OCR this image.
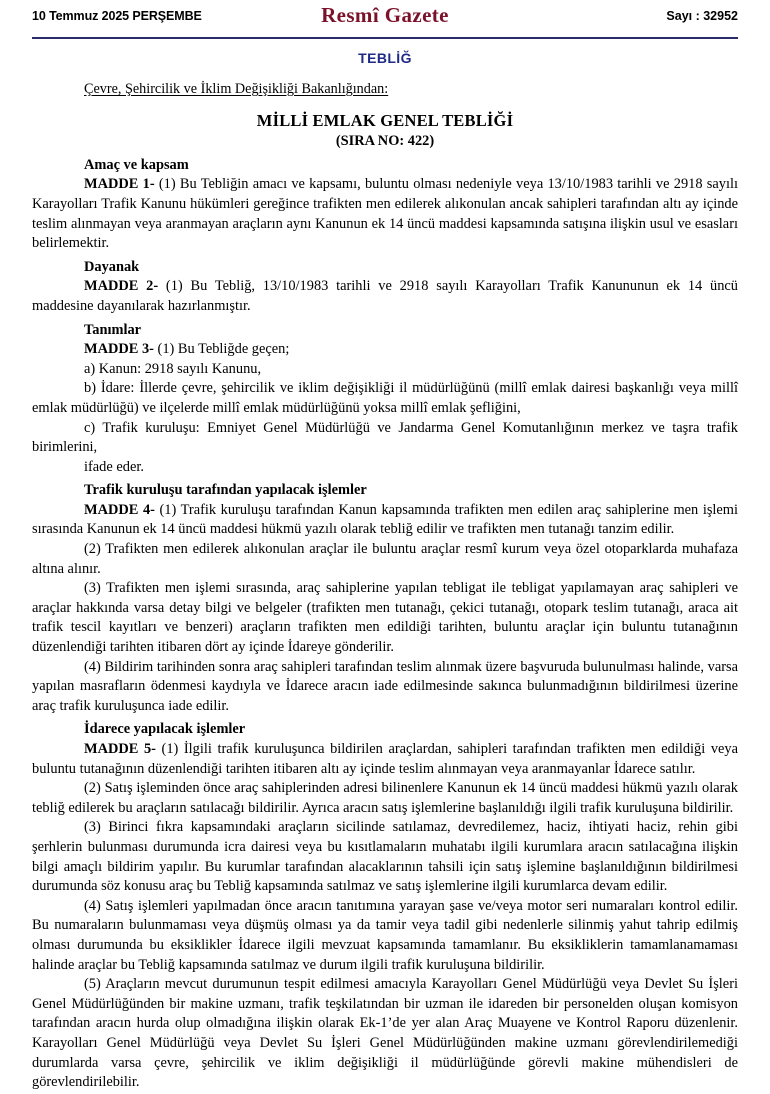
10 Temmuz 2025 PERŞEMBE	Resmî Gazete	Sayı : 32952
TEBLİĞ
Çevre, Şehircilik ve İklim Değişikliği Bakanlığından:
MİLLİ EMLAK GENEL TEBLİĞİ
(SIRA NO: 422)
Amaç ve kapsam

MADDE 1- (1) Bu Tebliğin amacı ve kapsamı, buluntu olması nedeniyle veya 13/10/1983 tarihli ve 2918 sayılı Karayolları Trafik Kanunu hükümleri gereğince trafikten men edilerek alıkonulan ancak sahipleri tarafından altı ay içinde teslim alınmayan veya aranmayan araçların aynı Kanunun ek 14 üncü maddesi kapsamında satışına ilişkin usul ve esasları belirlemektir.

Dayanak

MADDE 2- (1) Bu Tebliğ, 13/10/1983 tarihli ve 2918 sayılı Karayolları Trafik Kanununun ek 14 üncü maddesine dayanılarak hazırlanmıştır.

Tanımlar

MADDE 3- (1) Bu Tebliğde geçen;

a) Kanun: 2918 sayılı Kanunu,

b) İdare: İllerde çevre, şehircilik ve iklim değişikliği il müdürlüğünü (millî emlak dairesi başkanlığı veya millî emlak müdürlüğü) ve ilçelerde millî emlak müdürlüğünü yoksa millî emlak şefliğini,

c) Trafik kuruluşu: Emniyet Genel Müdürlüğü ve Jandarma Genel Komutanlığının merkez ve taşra trafik birimlerini,

ifade eder.

Trafik kuruluşu tarafından yapılacak işlemler

MADDE 4- (1) Trafik kuruluşu tarafından Kanun kapsamında trafikten men edilen araç sahiplerine men işlemi sırasında Kanunun ek 14 üncü maddesi hükmü yazılı olarak tebliğ edilir ve trafikten men tutanağı tanzim edilir.

(2) Trafikten men edilerek alıkonulan araçlar ile buluntu araçlar resmî kurum veya özel otoparklarda muhafaza altına alınır.

(3) Trafikten men işlemi sırasında, araç sahiplerine yapılan tebligat ile tebligat yapılamayan araç sahipleri ve araçlar hakkında varsa detay bilgi ve belgeler (trafikten men tutanağı, çekici tutanağı, otopark teslim tutanağı, araca ait trafik tescil kayıtları ve benzeri) araçların trafikten men edildiği tarihten, buluntu araçlar için buluntu tutanağının düzenlendiği tarihten itibaren dört ay içinde İdareye gönderilir.

(4) Bildirim tarihinden sonra araç sahipleri tarafından teslim alınmak üzere başvuruda bulunulması halinde, varsa yapılan masrafların ödenmesi kaydıyla ve İdarece aracın iade edilmesinde sakınca bulunmadığının bildirilmesi üzerine araç trafik kuruluşunca iade edilir.

İdarece yapılacak işlemler

MADDE 5- (1) İlgili trafik kuruluşunca bildirilen araçlardan, sahipleri tarafından trafikten men edildiği veya buluntu tutanağının düzenlendiği tarihten itibaren altı ay içinde teslim alınmayan veya aranmayanlar İdarece satılır.

(2) Satış işleminden önce araç sahiplerinden adresi bilinenlere Kanunun ek 14 üncü maddesi hükmü yazılı olarak tebliğ edilerek bu araçların satılacağı bildirilir. Ayrıca aracın satış işlemlerine başlanıldığı ilgili trafik kuruluşuna bildirilir.

(3) Birinci fıkra kapsamındaki araçların sicilinde satılamaz, devredilemez, haciz, ihtiyati haciz, rehin gibi şerhlerin bulunması durumunda icra dairesi veya bu kısıtlamaların muhatabı ilgili kurumlara aracın satılacağına ilişkin bilgi amaçlı bildirim yapılır. Bu kurumlar tarafından alacaklarının tahsili için satış işlemine başlanıldığının bildirilmesi durumunda söz konusu araç bu Tebliğ kapsamında satılmaz ve satış işlemlerine ilgili kurumlarca devam edilir.

(4) Satış işlemleri yapılmadan önce aracın tanıtımına yarayan şase ve/veya motor seri numaraları kontrol edilir. Bu numaraların bulunmaması veya düşmüş olması ya da tamir veya tadil gibi nedenlerle silinmiş yahut tahrip edilmiş olması durumunda bu eksiklikler İdarece ilgili mevzuat kapsamında tamamlanır. Bu eksikliklerin tamamlanamaması halinde araçlar bu Tebliğ kapsamında satılmaz ve durum ilgili trafik kuruluşuna bildirilir.

(5) Araçların mevcut durumunun tespit edilmesi amacıyla Karayolları Genel Müdürlüğü veya Devlet Su İşleri Genel Müdürlüğünden bir makine uzmanı, trafik teşkilatından bir uzman ile idareden bir personelden oluşan komisyon tarafından aracın hurda olup olmadığına ilişkin olarak Ek-1’de yer alan Araç Muayene ve Kontrol Raporu düzenlenir. Karayolları Genel Müdürlüğü veya Devlet Su İşleri Genel Müdürlüğünden makine uzmanı görevlendirilemediği durumlarda varsa çevre, şehircilik ve iklim değişikliği il müdürlüğünde görevli makine mühendisleri de görevlendirilebilir.
